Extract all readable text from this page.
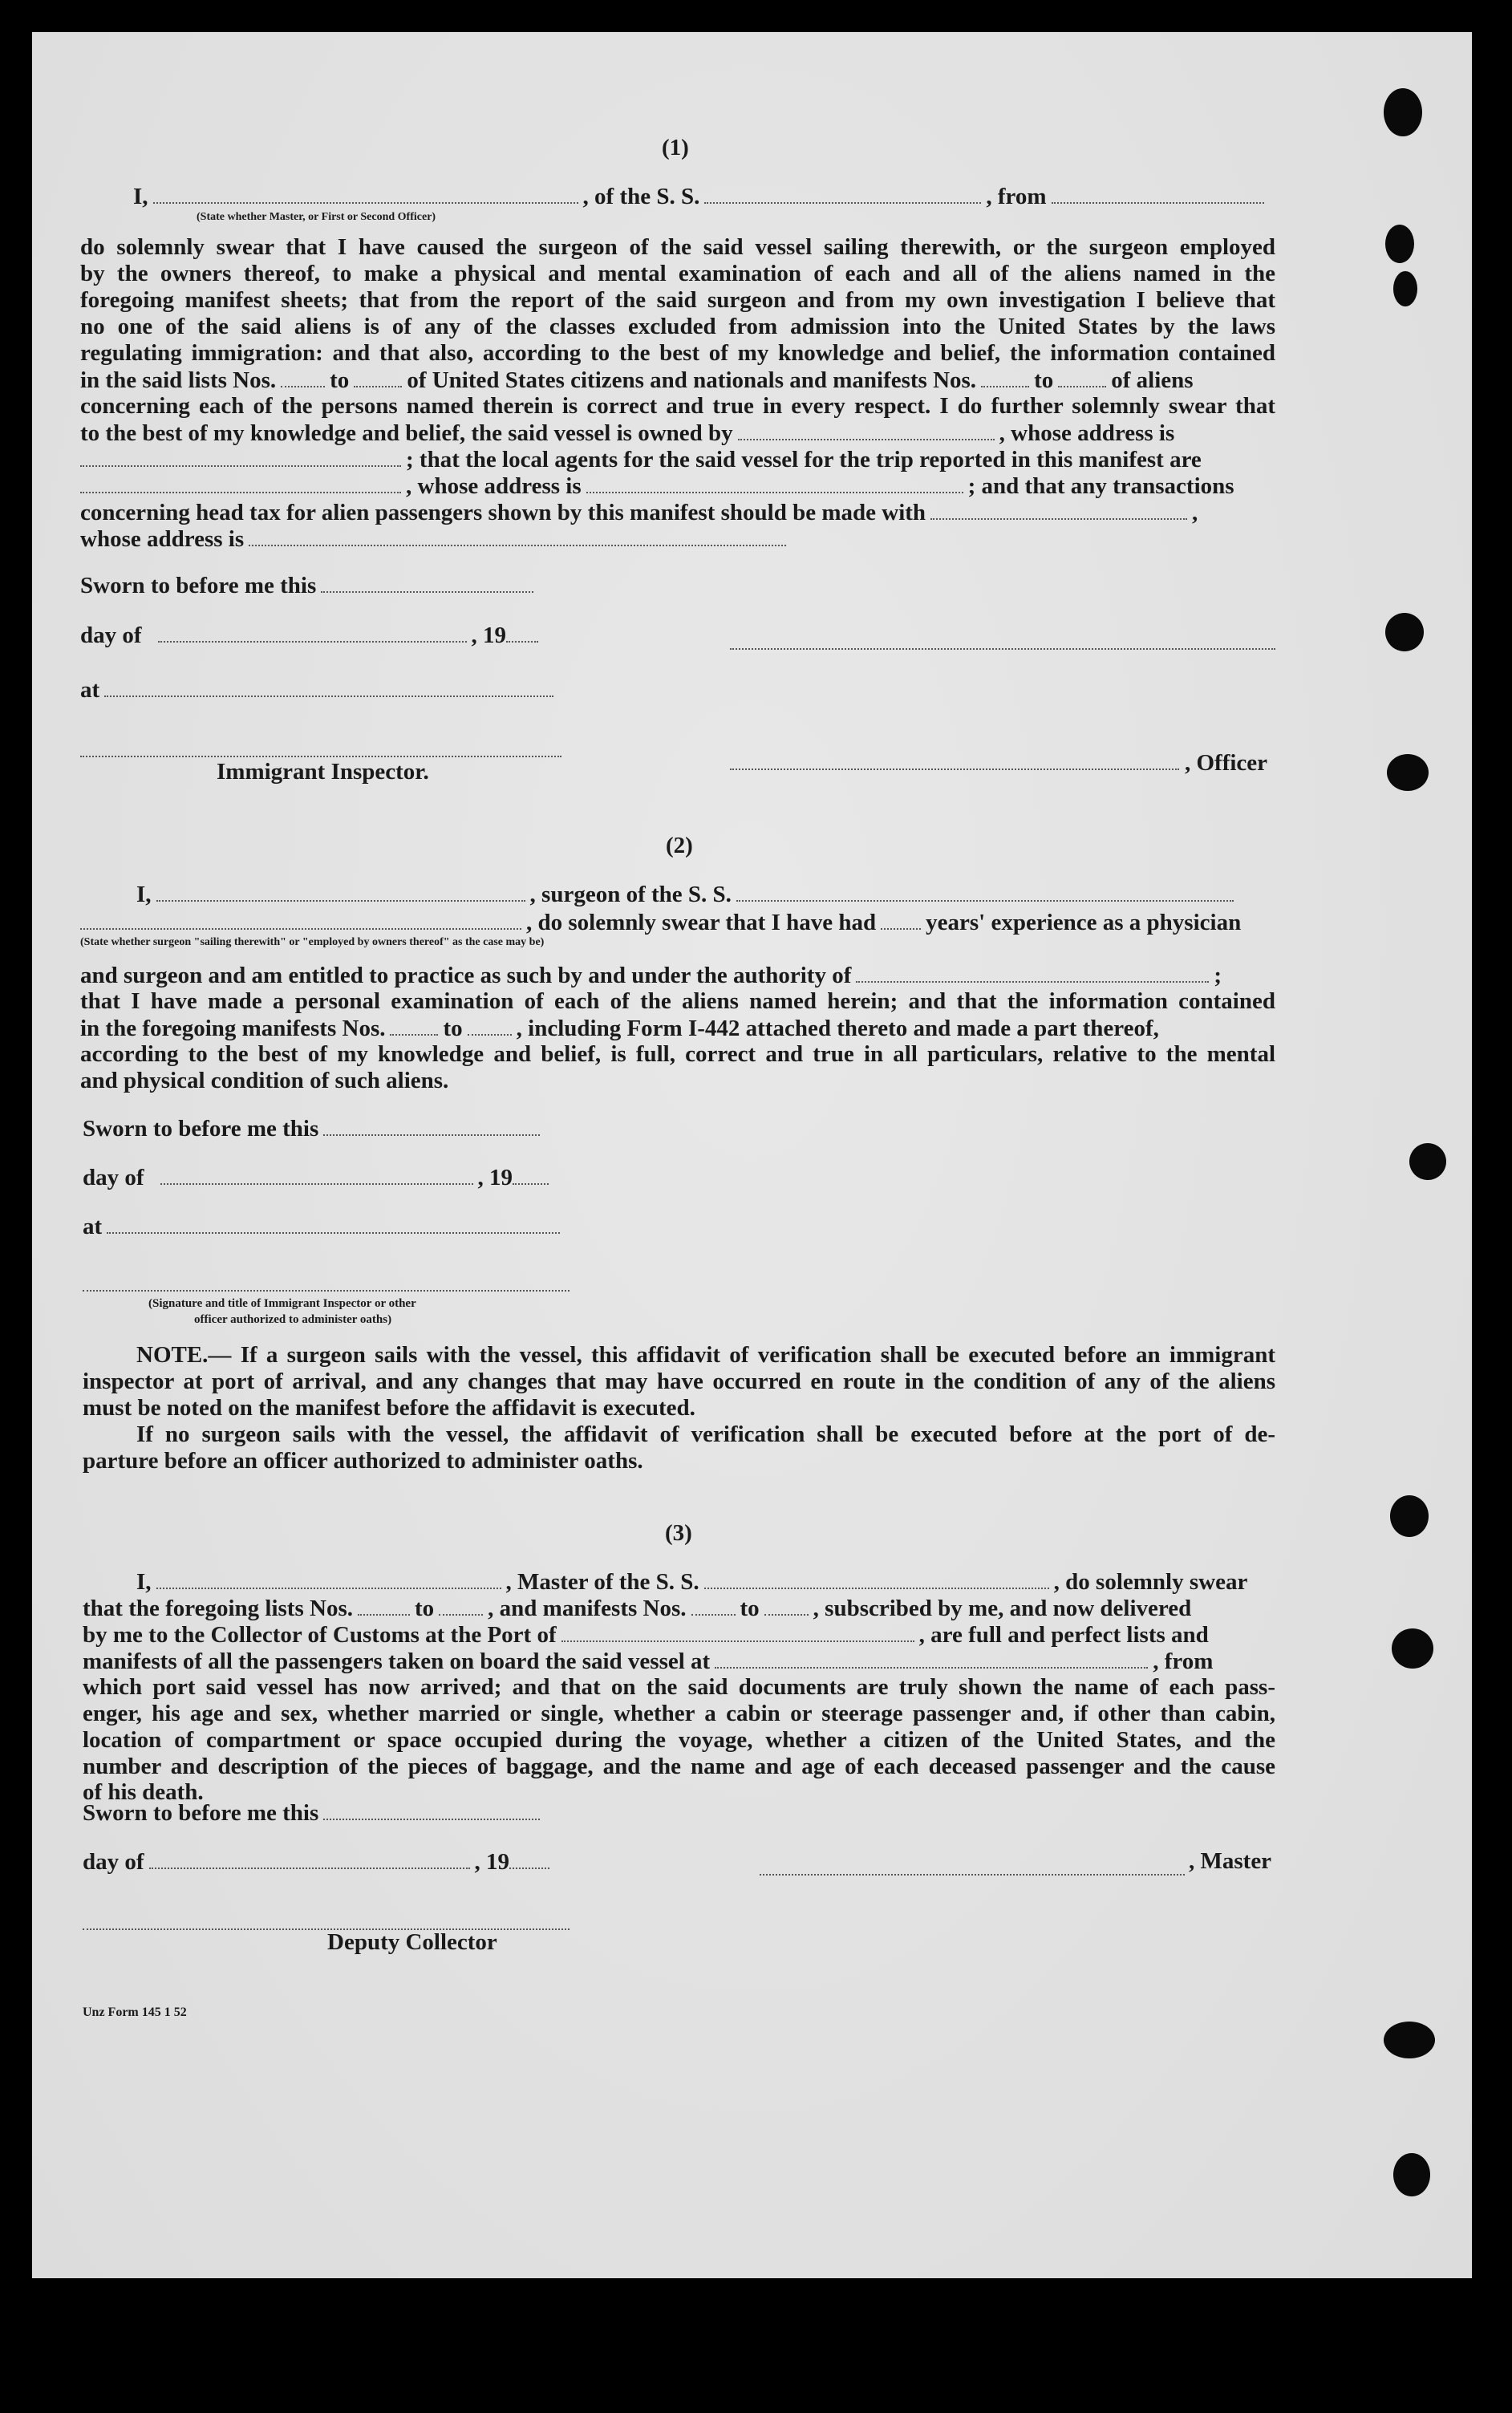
(1)
I,	, of the S. S.	, from
(State whether Master, or First or Second Officer)
do solemnly swear that I have caused the surgeon of the said vessel sailing therewith, or the surgeon employed
by the owners thereof, to make a physical and mental examination of each and all of the aliens named in the
foregoing manifest sheets; that from the report of the said surgeon and from my own investigation I believe that
no one of the said aliens is of any of the classes excluded from admission into the United States by the laws
regulating immigration: and that also, according to the best of my knowledge and belief, the information contained
in the said lists Nos. to of United States citizens and nationals and manifests Nos. to of aliens
concerning each of the persons named therein is correct and true in every respect. I do further solemnly swear that
to the best of my knowledge and belief, the said vessel is owned by	, whose address is
; that the local agents for the said vessel for the trip reported in this manifest are
, whose address is	; and that any transactions
concerning head tax for alien passengers shown by this manifest should be made with	,
whose address is
Sworn to before me this
day of	, 19
at
Immigrant Inspector.	, Officer
(2)
I,	, surgeon of the S. S.
, do solemnly swear that I have had years' experience as a physician
(State whether surgeon "sailing therewith" or "employed by owners thereof" as the case may be)
and surgeon and am entitled to practice as such by and under the authority of	;
that I have made a personal examination of each of the aliens named herein; and that the information contained
in the foregoing manifests Nos. to , including Form I-442 attached thereto and made a part thereof,
according to the best of my knowledge and belief, is full, correct and true in all particulars, relative to the mental
and physical condition of such aliens.
Sworn to before me this
day of	, 19
at
(Signature and title of Immigrant Inspector or other
officer authorized to administer oaths)
NOTE.— If a surgeon sails with the vessel, this affidavit of verification shall be executed before an immigrant
inspector at port of arrival, and any changes that may have occurred en route in the condition of any of the aliens
must be noted on the manifest before the affidavit is executed.
If no surgeon sails with the vessel, the affidavit of verification shall be executed before at the port of de-
parture before an officer authorized to administer oaths.
(3)
I,	, Master of the S. S.	, do solemnly swear
that the foregoing lists Nos.	to , and manifests Nos. to , subscribed by me, and now delivered
by me to the Collector of Customs at the Port of	, are full and perfect lists and
manifests of all the passengers taken on board the said vessel at	, from
which port said vessel has now arrived; and that on the said documents are truly shown the name of each pass-
enger, his age and sex, whether married or single, whether a cabin or steerage passenger and, if other than cabin,
location of compartment or space occupied during the voyage, whether a citizen of the United States, and the
number and description of the pieces of baggage, and the name and age of each deceased passenger and the cause
of his death.
Sworn to before me this
day of	, 19	, Master
Deputy Collector
Unz Form 145 1 52
